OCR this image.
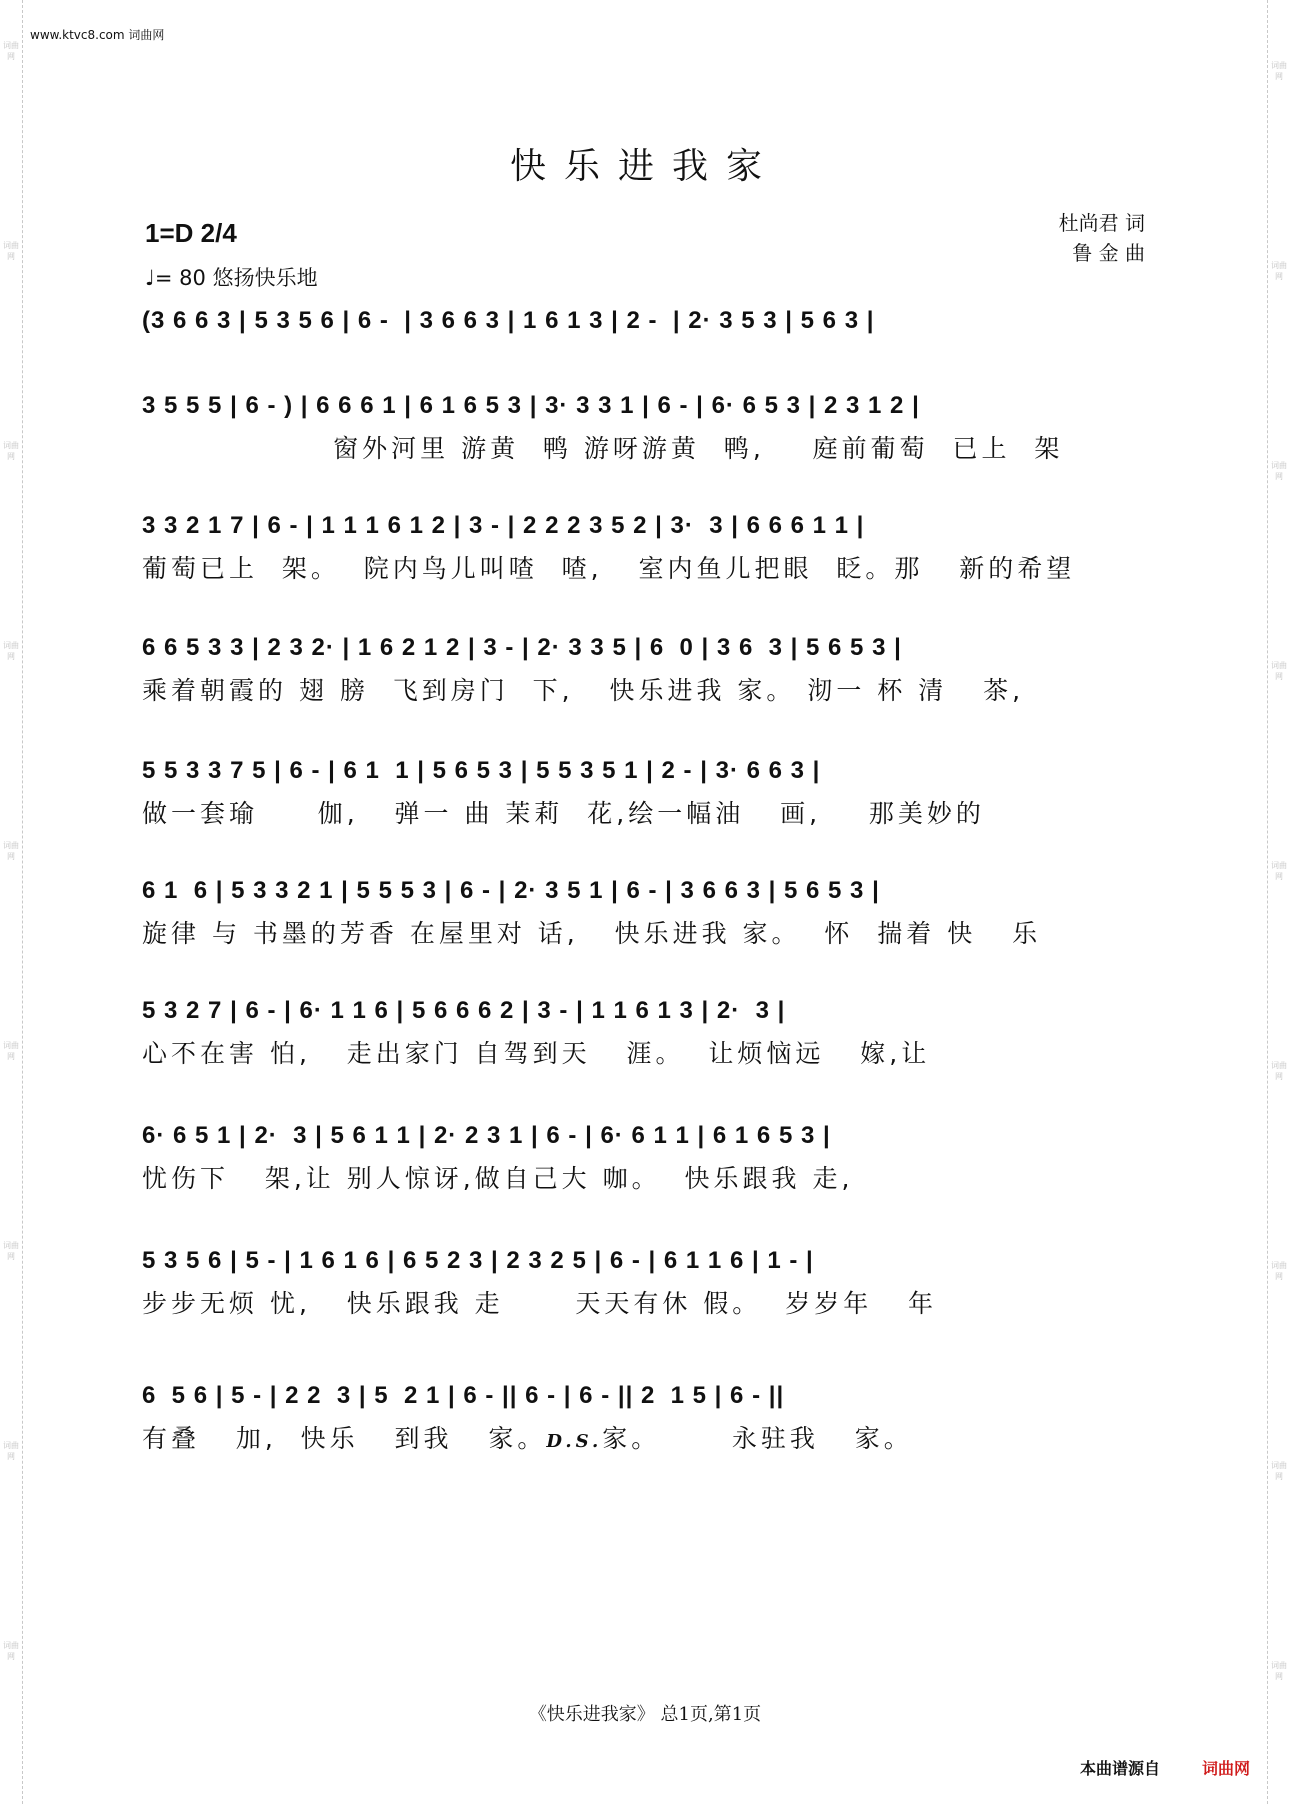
词曲网
词曲网
词曲网
词曲网
词曲网
词曲网
词曲网
词曲网
词曲网
词曲网
词曲网
词曲网
词曲网
词曲网
词曲网
词曲网
词曲网
词曲网
www.ktvc8.com 词曲网
快乐进我家
1=D 2/4
♩= 80 悠扬快乐地
杜尚君 词
鲁 金 曲
(3 6 6 3 | 5 3 5 6 | 6 -  | 3 6 6 3 | 1 6 1 3 | 2 -  | 2· 3 5 3 | 5 6 3 |
3 5 5 5 | 6 - ) | 6 6 6 1 | 6 1 6 5 3 | 3· 3 3 1 | 6 - | 6· 6 5 3 | 2 3 1 2 |
窗外河里 游黄  鸭 游呀游黄  鸭,    庭前葡萄  已上  架
3 3 2 1 7 | 6 - | 1 1 1 6 1 2 | 3 - | 2 2 2 3 5 2 | 3·  3 | 6 6 6 1 1 |
葡萄已上  架。  院内鸟儿叫喳  喳,   室内鱼儿把眼  眨。那   新的希望
6 6 5 3 3 | 2 3 2· | 1 6 2 1 2 | 3 - | 2· 3 3 5 | 6  0 | 3 6  3 | 5 6 5 3 |
乘着朝霞的 翅 膀  飞到房门  下,   快乐进我 家。 沏一 杯 清   茶,
5 5 3 3 7 5 | 6 - | 6 1  1 | 5 6 5 3 | 5 5 3 5 1 | 2 - | 3· 6 6 3 |
做一套瑜     伽,   弹一 曲 茉莉  花,绘一幅油   画,    那美妙的
6 1  6 | 5 3 3 2 1 | 5 5 5 3 | 6 - | 2· 3 5 1 | 6 - | 3 6 6 3 | 5 6 5 3 |
旋律 与 书墨的芳香 在屋里对 话,   快乐进我 家。  怀  揣着 快   乐
5 3 2 7 | 6 - | 6· 1 1 6 | 5 6 6 6 2 | 3 - | 1 1 6 1 3 | 2·  3 |
心不在害 怕,   走出家门 自驾到天   涯。  让烦恼远   嫁,让
6· 6 5 1 | 2·  3 | 5 6 1 1 | 2· 2 3 1 | 6 - | 6· 6 1 1 | 6 1 6 5 3 |
忧伤下   架,让 别人惊讶,做自己大 咖。  快乐跟我 走,
5 3 5 6 | 5 - | 1 6 1 6 | 6 5 2 3 | 2 3 2 5 | 6 - | 6 1 1 6 | 1 - |
步步无烦 忧,   快乐跟我 走      天天有休 假。  岁岁年   年
6  5 6 | 5 - | 2 2  3 | 5  2 1 | 6 - || 6 - | 6 - || 2  1 5 | 6 - ||
有叠   加,  快乐   到我   家。D.S.家。      永驻我   家。
《快乐进我家》 总1页,第1页
本曲谱源自	词曲网
